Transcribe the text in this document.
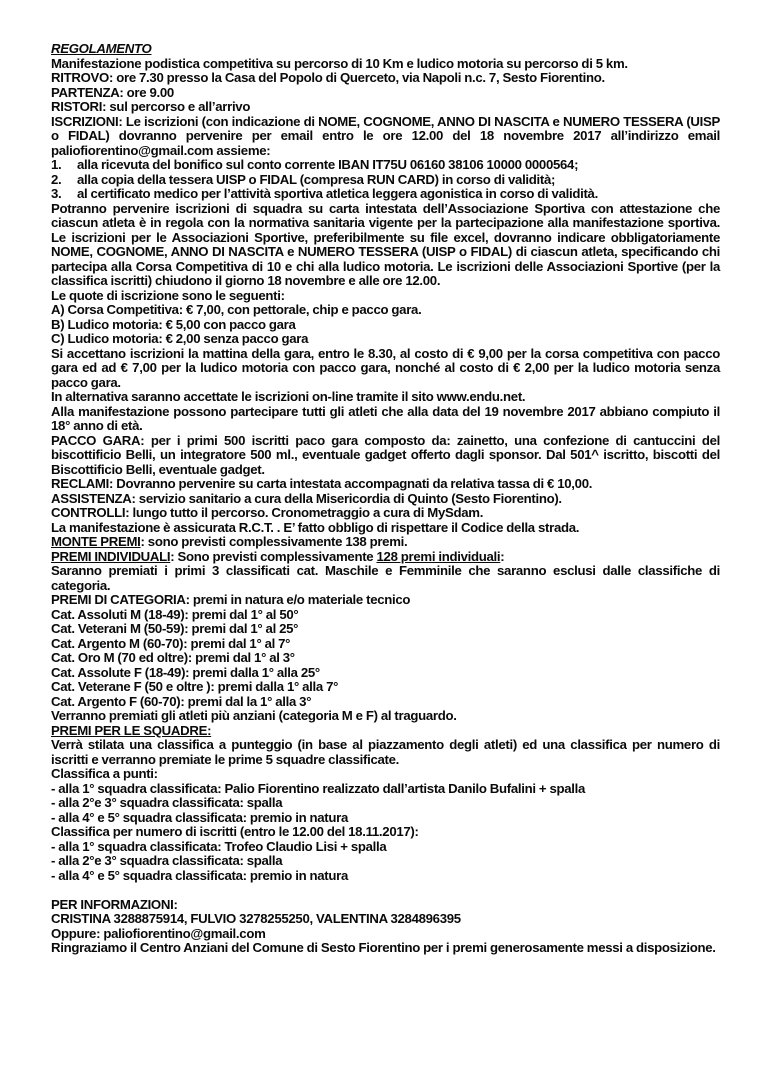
REGOLAMENTO
Manifestazione podistica competitiva su percorso di 10 Km e ludico motoria su percorso di 5 km.
RITROVO: ore 7.30 presso la Casa del Popolo di Querceto, via Napoli n.c. 7, Sesto Fiorentino.
PARTENZA: ore 9.00
RISTORI: sul percorso e all’arrivo
ISCRIZIONI: Le iscrizioni (con indicazione di NOME, COGNOME, ANNO DI NASCITA e NUMERO TESSERA (UISP o FIDAL) dovranno pervenire per email entro le ore 12.00 del 18 novembre 2017 all’indirizzo email paliofiorentino@gmail.com assieme:
1.	alla ricevuta del bonifico sul conto corrente IBAN IT75U 06160 38106 10000 0000564;
2.	alla copia della tessera UISP o FIDAL (compresa RUN CARD) in corso di validità;
3.	al certificato medico per l’attività sportiva atletica leggera agonistica in corso di validità.
Potranno pervenire iscrizioni di squadra su carta intestata dell’Associazione Sportiva con attestazione che ciascun atleta è in regola con la normativa sanitaria vigente per la partecipazione alla manifestazione sportiva. Le iscrizioni per le Associazioni Sportive, preferibilmente su file excel, dovranno indicare obbligatoriamente NOME, COGNOME, ANNO DI NASCITA e NUMERO TESSERA (UISP o FIDAL) di ciascun atleta, specificando chi partecipa alla Corsa Competitiva di 10 e chi alla ludico motoria. Le iscrizioni delle Associazioni Sportive (per la classifica iscritti) chiudono il giorno 18 novembre e alle ore 12.00.
Le quote di iscrizione sono le seguenti:
A) Corsa Competitiva: € 7,00, con pettorale, chip e pacco gara.
B) Ludico motoria: € 5,00 con pacco gara
C) Ludico motoria: € 2,00 senza pacco gara
Si accettano iscrizioni la mattina della gara, entro le 8.30, al costo di € 9,00 per la corsa competitiva con pacco gara ed ad € 7,00 per la ludico motoria con pacco gara, nonché al costo di € 2,00 per la ludico motoria senza pacco gara.
In alternativa saranno accettate le iscrizioni on-line tramite il sito www.endu.net.
Alla manifestazione possono partecipare tutti gli atleti che alla data del 19 novembre 2017 abbiano compiuto il 18° anno di età.
PACCO GARA: per i primi 500 iscritti paco gara composto da: zainetto, una confezione di cantuccini del biscottificio Belli, un integratore 500 ml., eventuale gadget offerto dagli sponsor. Dal 501^ iscritto, biscotti del Biscottificio Belli, eventuale gadget.
RECLAMI: Dovranno pervenire su carta intestata accompagnati da relativa tassa di € 10,00.
ASSISTENZA: servizio sanitario a cura della Misericordia di Quinto (Sesto Fiorentino).
CONTROLLI: lungo tutto il percorso. Cronometraggio a cura di MySdam.
La manifestazione è assicurata R.C.T. . E’ fatto obbligo di rispettare il Codice della strada.
MONTE PREMI: sono previsti complessivamente 138 premi.
PREMI INDIVIDUALI: Sono previsti complessivamente 128 premi individuali:
Saranno premiati i primi 3 classificati cat. Maschile e Femminile che saranno esclusi dalle classifiche di categoria.
PREMI DI CATEGORIA: premi in natura e/o materiale tecnico
Cat. Assoluti M (18-49): premi dal 1° al 50°
Cat. Veterani M (50-59): premi dal 1° al 25°
Cat. Argento M (60-70): premi dal 1° al 7°
Cat. Oro M (70 ed oltre): premi dal 1° al 3°
Cat. Assolute F (18-49): premi dalla 1° alla 25°
Cat. Veterane F (50 e oltre ): premi dalla 1° alla 7°
Cat. Argento F (60-70): premi dal la 1° alla 3°
Verranno premiati gli atleti più anziani (categoria M e F) al traguardo.
PREMI PER LE SQUADRE:
Verrà stilata una classifica a punteggio (in base al piazzamento degli atleti) ed una classifica per numero di iscritti e verranno premiate le prime 5 squadre classificate.
Classifica a punti:
- alla 1° squadra classificata: Palio Fiorentino realizzato dall’artista Danilo Bufalini + spalla
- alla 2°e 3° squadra classificata: spalla
- alla 4° e 5° squadra classificata: premio in natura
Classifica per numero di iscritti (entro le 12.00 del 18.11.2017):
- alla 1° squadra classificata: Trofeo Claudio Lisi + spalla
- alla 2°e 3° squadra classificata: spalla
- alla 4° e 5° squadra classificata: premio in natura
PER INFORMAZIONI:
CRISTINA 3288875914, FULVIO 3278255250, VALENTINA 3284896395
Oppure: paliofiorentino@gmail.com
Ringraziamo il Centro Anziani del Comune di Sesto Fiorentino per i premi generosamente messi a disposizione.
